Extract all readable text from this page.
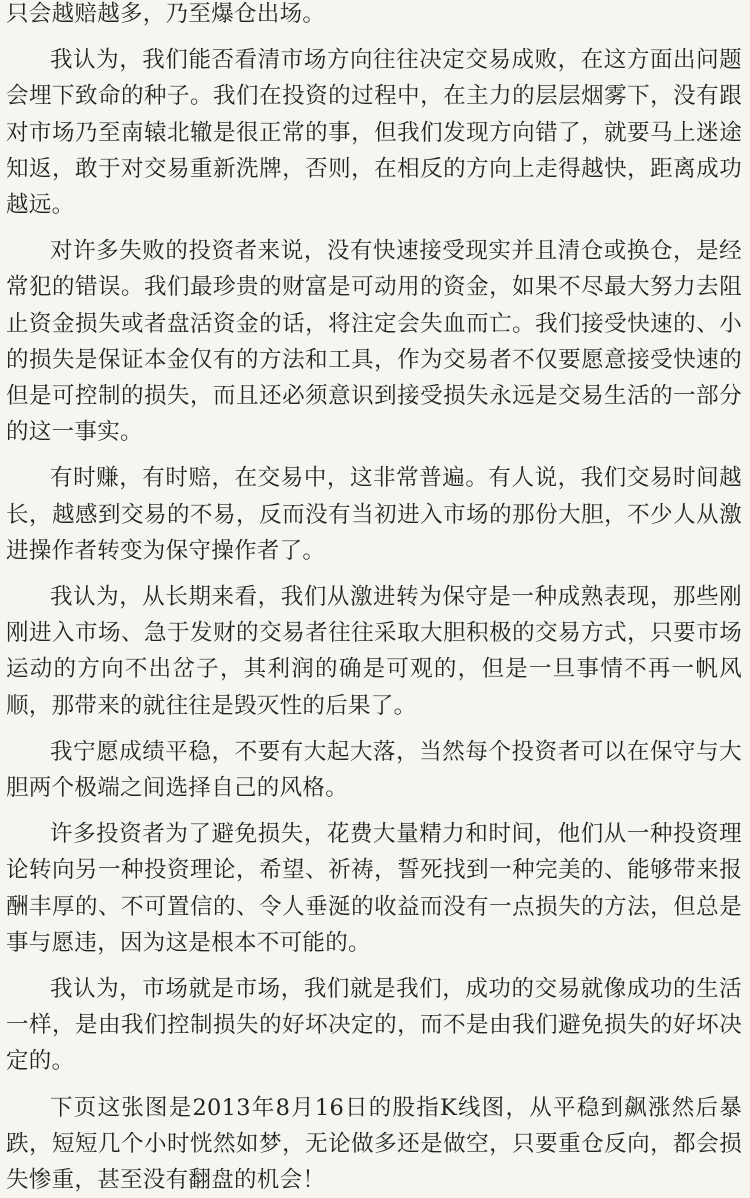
只会越赔越多，乃至爆仓出场。

我认为，我们能否看清市场方向往往决定交易成败，在这方面出问题会埋下致命的种子。我们在投资的过程中，在主力的层层烟雾下，没有跟对市场乃至南辕北辙是很正常的事，但我们发现方向错了，就要马上迷途知返，敢于对交易重新洗牌，否则，在相反的方向上走得越快，距离成功越远。

对许多失败的投资者来说，没有快速接受现实并且清仓或换仓，是经常犯的错误。我们最珍贵的财富是可动用的资金，如果不尽最大努力去阻止资金损失或者盘活资金的话，将注定会失血而亡。我们接受快速的、小的损失是保证本金仅有的方法和工具，作为交易者不仅要愿意接受快速的但是可控制的损失，而且还必须意识到接受损失永远是交易生活的一部分的这一事实。

有时赚，有时赔，在交易中，这非常普遍。有人说，我们交易时间越长，越感到交易的不易，反而没有当初进入市场的那份大胆，不少人从激进操作者转变为保守操作者了。

我认为，从长期来看，我们从激进转为保守是一种成熟表现，那些刚刚进入市场、急于发财的交易者往往采取大胆积极的交易方式，只要市场运动的方向不出岔子，其利润的确是可观的，但是一旦事情不再一帆风顺，那带来的就往往是毁灭性的后果了。

我宁愿成绩平稳，不要有大起大落，当然每个投资者可以在保守与大胆两个极端之间选择自己的风格。

许多投资者为了避免损失，花费大量精力和时间，他们从一种投资理论转向另一种投资理论，希望、祈祷，誓死找到一种完美的、能够带来报酬丰厚的、不可置信的、令人垂涎的收益而没有一点损失的方法，但总是事与愿违，因为这是根本不可能的。

我认为，市场就是市场，我们就是我们，成功的交易就像成功的生活一样，是由我们控制损失的好坏决定的，而不是由我们避免损失的好坏决定的。

下页这张图是2013年8月16日的股指K线图，从平稳到飙涨然后暴跌，短短几个小时恍然如梦，无论做多还是做空，只要重仓反向，都会损失惨重，甚至没有翻盘的机会！
